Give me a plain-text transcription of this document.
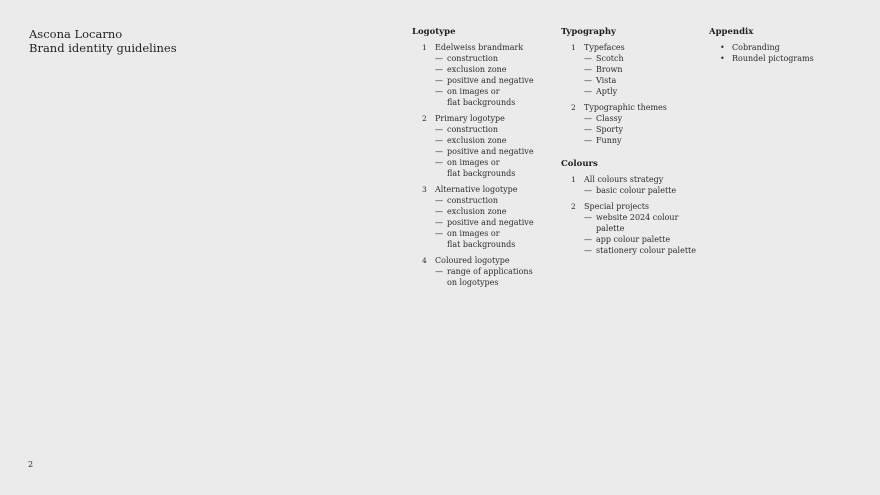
Ascona Locarno
Brand identity guidelines
Logotype
1 Edelweiss brandmark
— construction
— exclusion zone
— positive and negative
— on images or
flat backgrounds
2 Primary logotype
— construction
— exclusion zone
— positive and negative
— on images or
flat backgrounds
3 Alternative logotype
— construction
— exclusion zone
— positive and negative
— on images or
flat backgrounds
4 Coloured logotype
— range of applications
on logotypes
Typography
1 Typefaces
— Scotch
— Brown
— Vista
— Aptly
2 Typographic themes
— Classy
— Sporty
— Funny
Colours
1 All colours strategy
— basic colour palette
2 Special projects
— website 2024 colour palette
— app colour palette
— stationery colour palette
Appendix
• Cobranding
• Roundel pictograms
2
